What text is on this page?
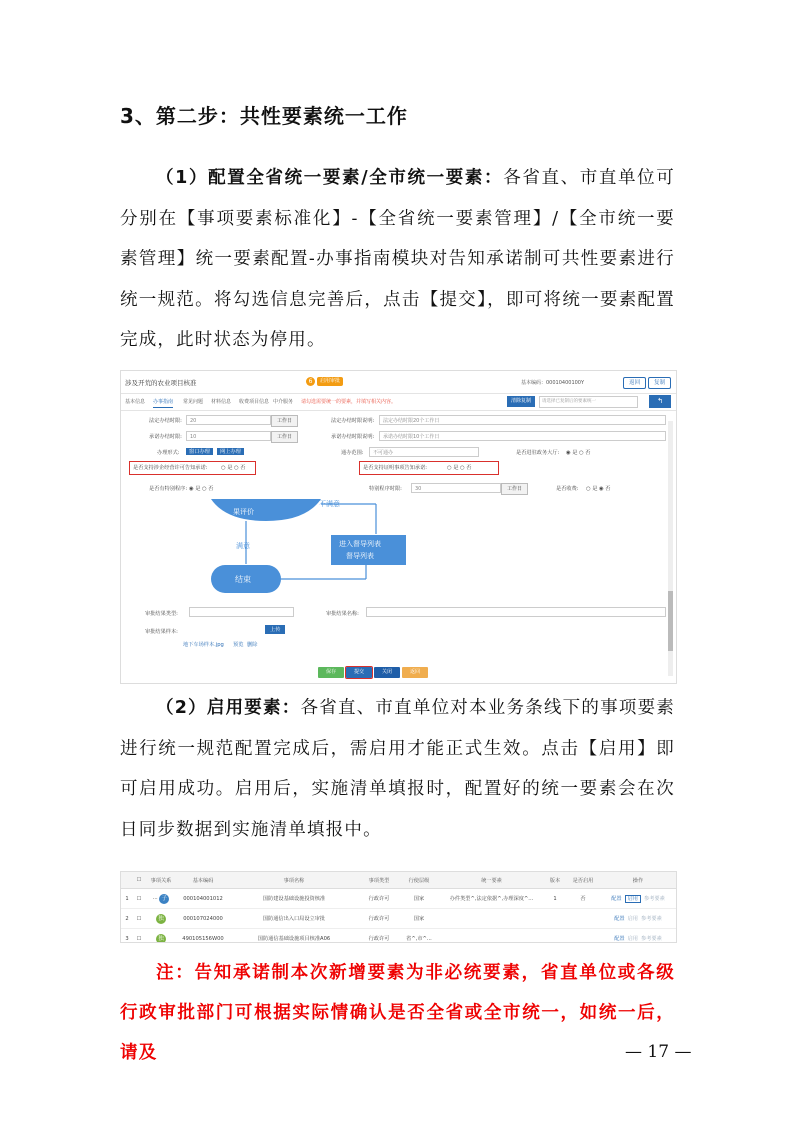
3、第二步：共性要素统一工作
（1）配置全省统一要素/全市统一要素：各省直、市直单位可分别在【事项要素标准化】-【全省统一要素管理】/【全市统一要素管理】统一要素配置-办事指南模块对告知承诺制可共性要素进行统一规范。将勾选信息完善后，点击【提交】，即可将统一要素配置完成，此时状态为停用。
涉及开荒的农业项目核准	6	启用审批	基本编码：00010400100Y	返回	复制
基本信息 办事指南 常见问题 材料信息 收费项目信息 中介服务 请勾选需要统一的要素，并填写相关内容。	清除复制	请选择已复制后的要素统一	↰
法定办结时限:	20	工作日	法定办结时限说明:	法定办结时限20个工作日
承诺办结时限:	10	工作日	承诺办结时限说明:	承诺办结时限10个工作日
办理形式:	窗口办理	网上办理	通办范围:	不可通办	是否进驻政务大厅: ◉ 是 ○ 否
是否支持涉企经营许可告知承诺:	○ 是 ○ 否	是否支持证明事项告知承诺:	○ 是 ○ 否
是否有特别程序: ◉ 是 ○ 否	特别程序时限:	30	工作日	是否收费: ○ 是 ◉ 否
果评价
不满意
满意	进入督导列表
督导列表
结束
审批结果类型:	审批结果名称:
审批结果样本:	上传
地下车场样本.jpg 预览 删除
保存	提交	关闭	返回
（2）启用要素：各省直、市直单位对本业务条线下的事项要素进行统一规范配置完成后，需启用才能正式生效。点击【启用】即可启用成功。启用后，实施清单填报时，配置好的统一要素会在次日同步数据到实施清单填报中。
	☐	事项关系	基本编码	事项名称	事项类型	行使层级	统一要素	版本	是否启用	操作
1	☐	··· 子	000104001012	国防建设基础设施投资核准	行政许可	国家	办件类型^,法定依据^,办理深度^...	1	否	配置 启用 参考要素
2	☐	独	000107024000	国防通信出入口局设立审批	行政许可	国家				配置 启用 参考要素
3	☐	独	490105156W00	国防通信基础设施项目核准A06	行政许可	省^,市^...				配置 启用 参考要素
注：告知承诺制本次新增要素为非必统要素，省直单位或各级行政审批部门可根据实际情确认是否全省或全市统一，如统一后，请及	— 17 —
